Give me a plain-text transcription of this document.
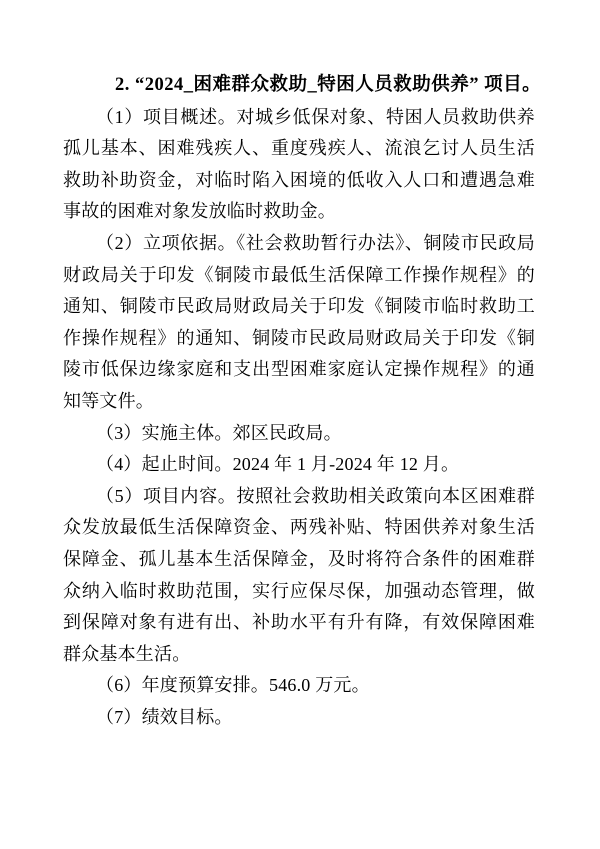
2. “2024_困难群众救助_特困人员救助供养” 项目。

（1）项目概述。对城乡低保对象、特困人员救助供养孤儿基本、困难残疾人、重度残疾人、流浪乞讨人员生活救助补助资金，对临时陷入困境的低收入人口和遭遇急难事故的困难对象发放临时救助金。

（2）立项依据。《社会救助暂行办法》、铜陵市民政局财政局关于印发《铜陵市最低生活保障工作操作规程》的通知、铜陵市民政局财政局关于印发《铜陵市临时救助工作操作规程》的通知、铜陵市民政局财政局关于印发《铜陵市低保边缘家庭和支出型困难家庭认定操作规程》的通知等文件。

（3）实施主体。郊区民政局。

（4）起止时间。2024 年 1 月-2024 年 12 月。

（5）项目内容。按照社会救助相关政策向本区困难群众发放最低生活保障资金、两残补贴、特困供养对象生活保障金、孤儿基本生活保障金，及时将符合条件的困难群众纳入临时救助范围，实行应保尽保，加强动态管理，做到保障对象有进有出、补助水平有升有降，有效保障困难群众基本生活。

（6）年度预算安排。546.0 万元。

（7）绩效目标。
